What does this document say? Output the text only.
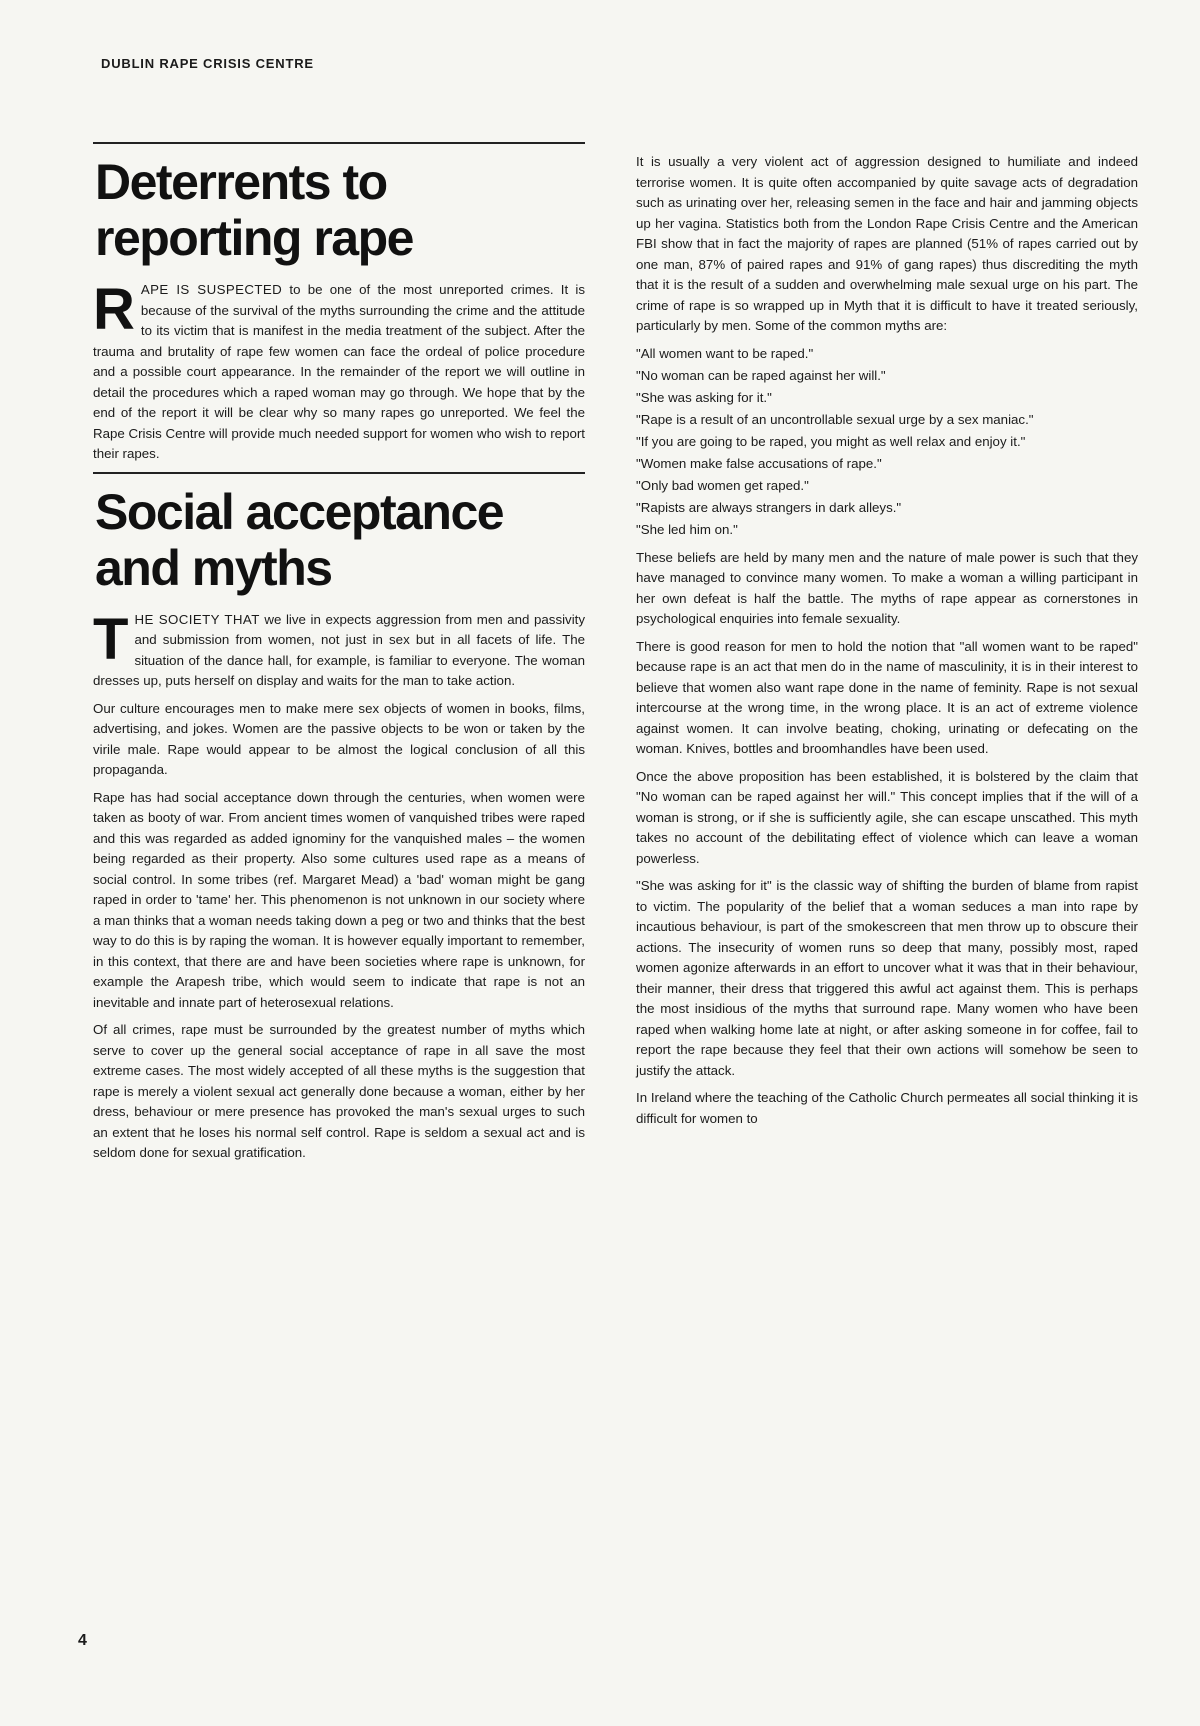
DUBLIN RAPE CRISIS CENTRE
Deterrents to reporting rape

RAPE IS SUSPECTED to be one of the most unreported crimes. It is because of the survival of the myths surrounding the crime and the attitude to its victim that is manifest in the media treatment of the subject. After the trauma and brutality of rape few women can face the ordeal of police procedure and a possible court appearance. In the remainder of the report we will outline in detail the procedures which a raped woman may go through. We hope that by the end of the report it will be clear why so many rapes go unreported. We feel the Rape Crisis Centre will provide much needed support for women who wish to report their rapes.

Social acceptance and myths

THE SOCIETY THAT we live in expects aggression from men and passivity and submission from women, not just in sex but in all facets of life. The situation of the dance hall, for example, is familiar to everyone. The woman dresses up, puts herself on display and waits for the man to take action.

Our culture encourages men to make mere sex objects of women in books, films, advertising, and jokes. Women are the passive objects to be won or taken by the virile male. Rape would appear to be almost the logical conclusion of all this propaganda.

Rape has had social acceptance down through the centuries, when women were taken as booty of war. From ancient times women of vanquished tribes were raped and this was regarded as added ignominy for the vanquished males – the women being regarded as their property. Also some cultures used rape as a means of social control. In some tribes (ref. Margaret Mead) a 'bad' woman might be gang raped in order to 'tame' her. This phenomenon is not unknown in our society where a man thinks that a woman needs taking down a peg or two and thinks that the best way to do this is by raping the woman. It is however equally important to remember, in this context, that there are and have been societies where rape is unknown, for example the Arapesh tribe, which would seem to indicate that rape is not an inevitable and innate part of heterosexual relations.

Of all crimes, rape must be surrounded by the greatest number of myths which serve to cover up the general social acceptance of rape in all save the most extreme cases. The most widely accepted of all these myths is the suggestion that rape is merely a violent sexual act generally done because a woman, either by her dress, behaviour or mere presence has provoked the man's sexual urges to such an extent that he loses his normal self control. Rape is seldom a sexual act and is seldom done for sexual gratification.

It is usually a very violent act of aggression designed to humiliate and indeed terrorise women. It is quite often accompanied by quite savage acts of degradation such as urinating over her, releasing semen in the face and hair and jamming objects up her vagina. Statistics both from the London Rape Crisis Centre and the American FBI show that in fact the majority of rapes are planned (51% of rapes carried out by one man, 87% of paired rapes and 91% of gang rapes) thus discrediting the myth that it is the result of a sudden and overwhelming male sexual urge on his part. The crime of rape is so wrapped up in Myth that it is difficult to have it treated seriously, particularly by men. Some of the common myths are:

"All women want to be raped."

"No woman can be raped against her will."

"She was asking for it."

"Rape is a result of an uncontrollable sexual urge by a sex maniac."

"If you are going to be raped, you might as well relax and enjoy it."

"Women make false accusations of rape."

"Only bad women get raped."

"Rapists are always strangers in dark alleys."

"She led him on."

These beliefs are held by many men and the nature of male power is such that they have managed to convince many women. To make a woman a willing participant in her own defeat is half the battle. The myths of rape appear as cornerstones in psychological enquiries into female sexuality.

There is good reason for men to hold the notion that "all women want to be raped" because rape is an act that men do in the name of masculinity, it is in their interest to believe that women also want rape done in the name of feminity. Rape is not sexual intercourse at the wrong time, in the wrong place. It is an act of extreme violence against women. It can involve beating, choking, urinating or defecating on the woman. Knives, bottles and broomhandles have been used.

Once the above proposition has been established, it is bolstered by the claim that "No woman can be raped against her will." This concept implies that if the will of a woman is strong, or if she is sufficiently agile, she can escape unscathed. This myth takes no account of the debilitating effect of violence which can leave a woman powerless.

"She was asking for it" is the classic way of shifting the burden of blame from rapist to victim. The popularity of the belief that a woman seduces a man into rape by incautious behaviour, is part of the smokescreen that men throw up to obscure their actions. The insecurity of women runs so deep that many, possibly most, raped women agonize afterwards in an effort to uncover what it was that in their behaviour, their manner, their dress that triggered this awful act against them. This is perhaps the most insidious of the myths that surround rape. Many women who have been raped when walking home late at night, or after asking someone in for coffee, fail to report the rape because they feel that their own actions will somehow be seen to justify the attack.

In Ireland where the teaching of the Catholic Church permeates all social thinking it is difficult for women to

4
